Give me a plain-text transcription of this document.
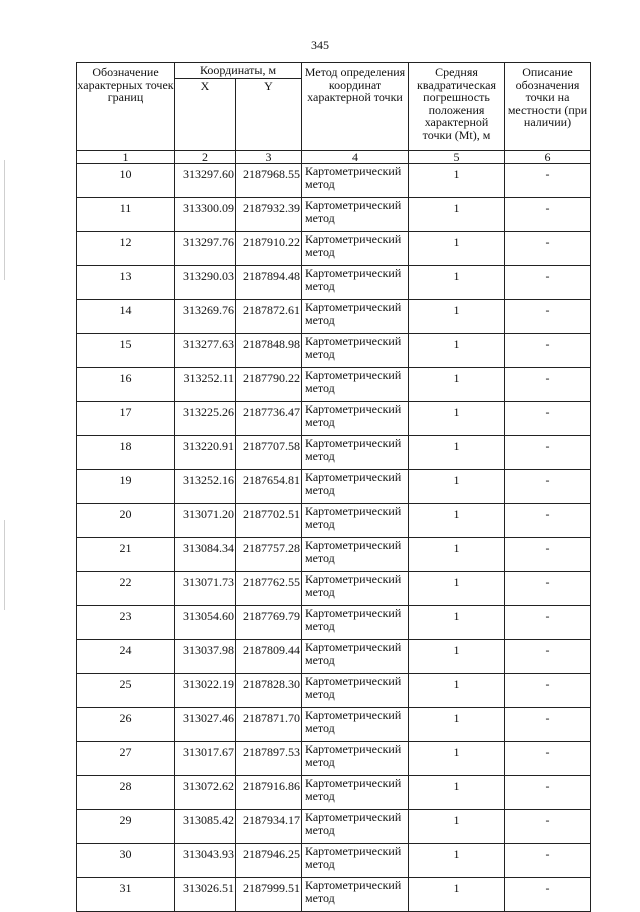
345
Обозначение характерных точек границ	Координаты, м		Метод определения координат характерной точки	Средняя квадратическая погрешность положения характерной точки (Mt), м	Описание обозначения точки на местности (при наличии)
	X	Y			
1	2	3	4	5	6
10	313297.60	2187968.55	Картометрический метод	1	-
11	313300.09	2187932.39	Картометрический метод	1	-
12	313297.76	2187910.22	Картометрический метод	1	-
13	313290.03	2187894.48	Картометрический метод	1	-
14	313269.76	2187872.61	Картометрический метод	1	-
15	313277.63	2187848.98	Картометрический метод	1	-
16	313252.11	2187790.22	Картометрический метод	1	-
17	313225.26	2187736.47	Картометрический метод	1	-
18	313220.91	2187707.58	Картометрический метод	1	-
19	313252.16	2187654.81	Картометрический метод	1	-
20	313071.20	2187702.51	Картометрический метод	1	-
21	313084.34	2187757.28	Картометрический метод	1	-
22	313071.73	2187762.55	Картометрический метод	1	-
23	313054.60	2187769.79	Картометрический метод	1	-
24	313037.98	2187809.44	Картометрический метод	1	-
25	313022.19	2187828.30	Картометрический метод	1	-
26	313027.46	2187871.70	Картометрический метод	1	-
27	313017.67	2187897.53	Картометрический метод	1	-
28	313072.62	2187916.86	Картометрический метод	1	-
29	313085.42	2187934.17	Картометрический метод	1	-
30	313043.93	2187946.25	Картометрический метод	1	-
31	313026.51	2187999.51	Картометрический метод	1	-
